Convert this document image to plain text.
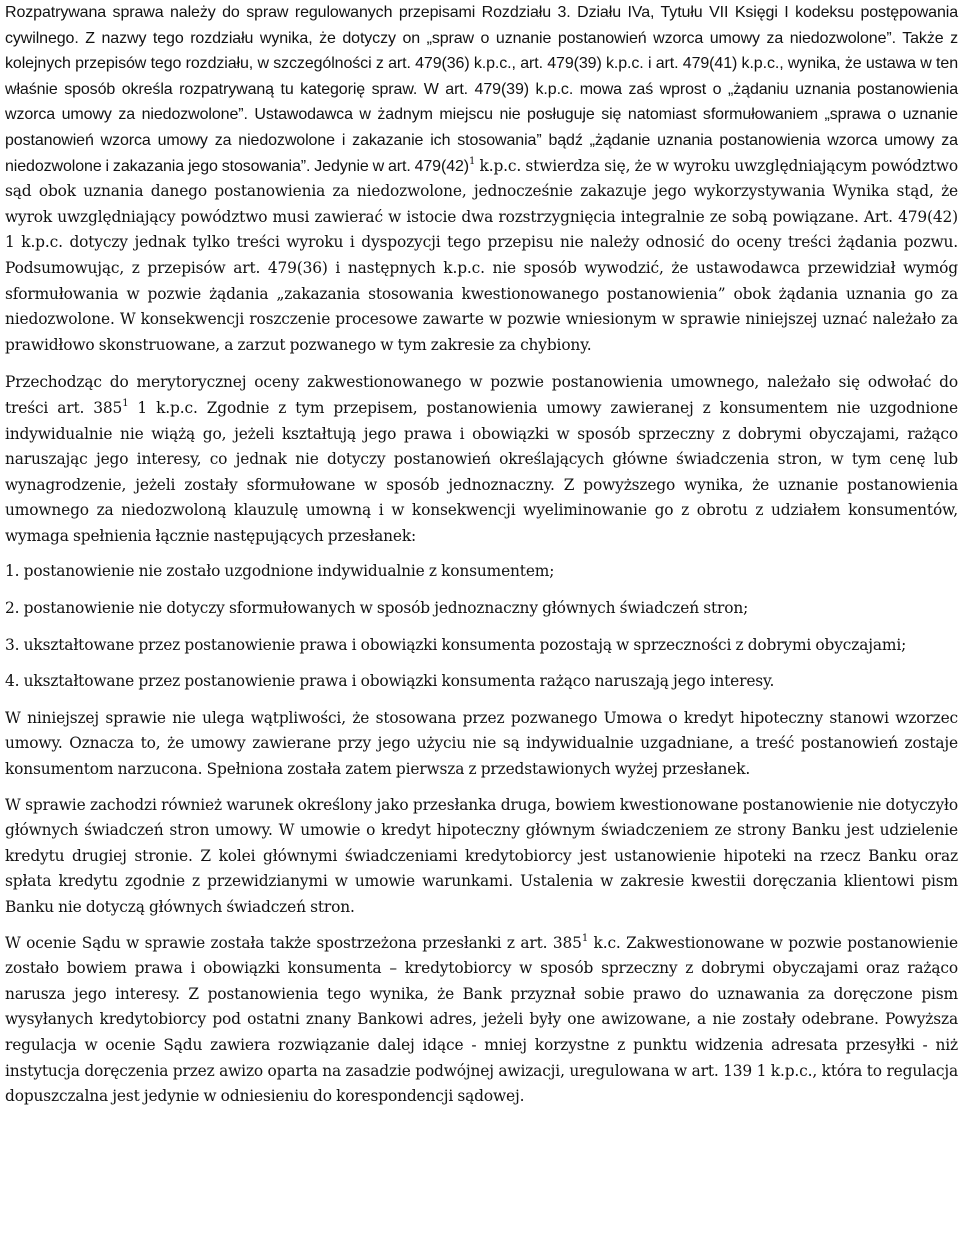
Rozpatrywana sprawa należy do spraw regulowanych przepisami Rozdziału 3. Działu IVa, Tytułu VII Księgi I kodeksu postępowania cywilnego. Z nazwy tego rozdziału wynika, że dotyczy on „spraw o uznanie postanowień wzorca umowy za niedozwolone”. Także z kolejnych przepisów tego rozdziału, w szczególności z art. 479(36) k.p.c., art. 479(39) k.p.c. i art. 479(41) k.p.c., wynika, że ustawa w ten właśnie sposób określa rozpatrywaną tu kategorię spraw. W art. 479(39) k.p.c. mowa zaś wprost o „żądaniu uznania postanowienia wzorca umowy za niedozwolone”. Ustawodawca w żadnym miejscu nie posługuje się natomiast sformułowaniem „sprawa o uznanie postanowień wzorca umowy za niedozwolone i zakazanie ich stosowania” bądź „żądanie uznania postanowienia wzorca umowy za niedozwolone i zakazania jego stosowania”. Jedynie w art. $479(42)^1$ k.p.c. stwierdza się, że w wyroku uwzględniającym powództwo sąd obok uznania danego postanowienia za niedozwolone, jednocześnie zakazuje jego wykorzystywania Wynika stąd, że wyrok uwzględniający powództwo musi zawierać w istocie dwa rozstrzygnięcia integralnie ze sobą powiązane. Art. 479(42) 1 k.p.c. dotyczy jednak tylko treści wyroku i dyspozycji tego przepisu nie należy odnosić do oceny treści żądania pozwu. Podsumowując, z przepisów art. 479(36) i następnych k.p.c. nie sposób wywodzić, że ustawodawca przewidział wymóg sformułowania w pozwie żądania „zakazania stosowania kwestionowanego postanowienia” obok żądania uznania go za niedozwolone. W konsekwencji roszczenie procesowe zawarte w pozwie wniesionym w sprawie niniejszej uznać należało za prawidłowo skonstruowane, a zarzut pozwanego w tym zakresie za chybiony.

Przechodząc do merytorycznej oceny zakwestionowanego w pozwie postanowienia umownego, należało się odwołać do treści art. $385^1$ 1 k.p.c. Zgodnie z tym przepisem, postanowienia umowy zawieranej z konsumentem nie uzgodnione indywidualnie nie wiążą go, jeżeli kształtują jego prawa i obowiązki w sposób sprzeczny z dobrymi obyczajami, rażąco naruszając jego interesy, co jednak nie dotyczy postanowień określających główne świadczenia stron, w tym cenę lub wynagrodzenie, jeżeli zostały sformułowane w sposób jednoznaczny. Z powyższego wynika, że uznanie postanowienia umownego za niedozwoloną klauzulę umowną i w konsekwencji wyeliminowanie go z obrotu z udziałem konsumentów, wymaga spełnienia łącznie następujących przesłanek:

1. postanowienie nie zostało uzgodnione indywidualnie z konsumentem;

2. postanowienie nie dotyczy sformułowanych w sposób jednoznaczny głównych świadczeń stron;

3. ukształtowane przez postanowienie prawa i obowiązki konsumenta pozostają w sprzeczności z dobrymi obyczajami;

4. ukształtowane przez postanowienie prawa i obowiązki konsumenta rażąco naruszają jego interesy.

W niniejszej sprawie nie ulega wątpliwości, że stosowana przez pozwanego Umowa o kredyt hipoteczny stanowi wzorzec umowy. Oznacza to, że umowy zawierane przy jego użyciu nie są indywidualnie uzgadniane, a treść postanowień zostaje konsumentom narzucona. Spełniona została zatem pierwsza z przedstawionych wyżej przesłanek.

W sprawie zachodzi również warunek określony jako przesłanka druga, bowiem kwestionowane postanowienie nie dotyczyło głównych świadczeń stron umowy. W umowie o kredyt hipoteczny głównym świadczeniem ze strony Banku jest udzielenie kredytu drugiej stronie. Z kolei głównymi świadczeniami kredytobiorcy jest ustanowienie hipoteki na rzecz Banku oraz spłata kredytu zgodnie z przewidzianymi w umowie warunkami. Ustalenia w zakresie kwestii doręczania klientowi pism Banku nie dotyczą głównych świadczeń stron.

W ocenie Sądu w sprawie została także spostrzeżona przesłanki z art. $385^1$ k.c. Zakwestionowane w pozwie postanowienie zostało bowiem prawa i obowiązki konsumenta – kredytobiorcy w sposób sprzeczny z dobrymi obyczajami oraz rażąco narusza jego interesy. Z postanowienia tego wynika, że Bank przyznał sobie prawo do uznawania za doręczone pism wysyłanych kredytobiorcy pod ostatni znany Bankowi adres, jeżeli były one awizowane, a nie zostały odebrane. Powyższa regulacja w ocenie Sądu zawiera rozwiązanie dalej idące - mniej korzystne z punktu widzenia adresata przesyłki - niż instytucja doręczenia przez awizo oparta na zasadzie podwójnej awizacji, uregulowana w art. 139 1 k.p.c., która to regulacja dopuszczalna jest jedynie w odniesieniu do korespondencji sądowej.
